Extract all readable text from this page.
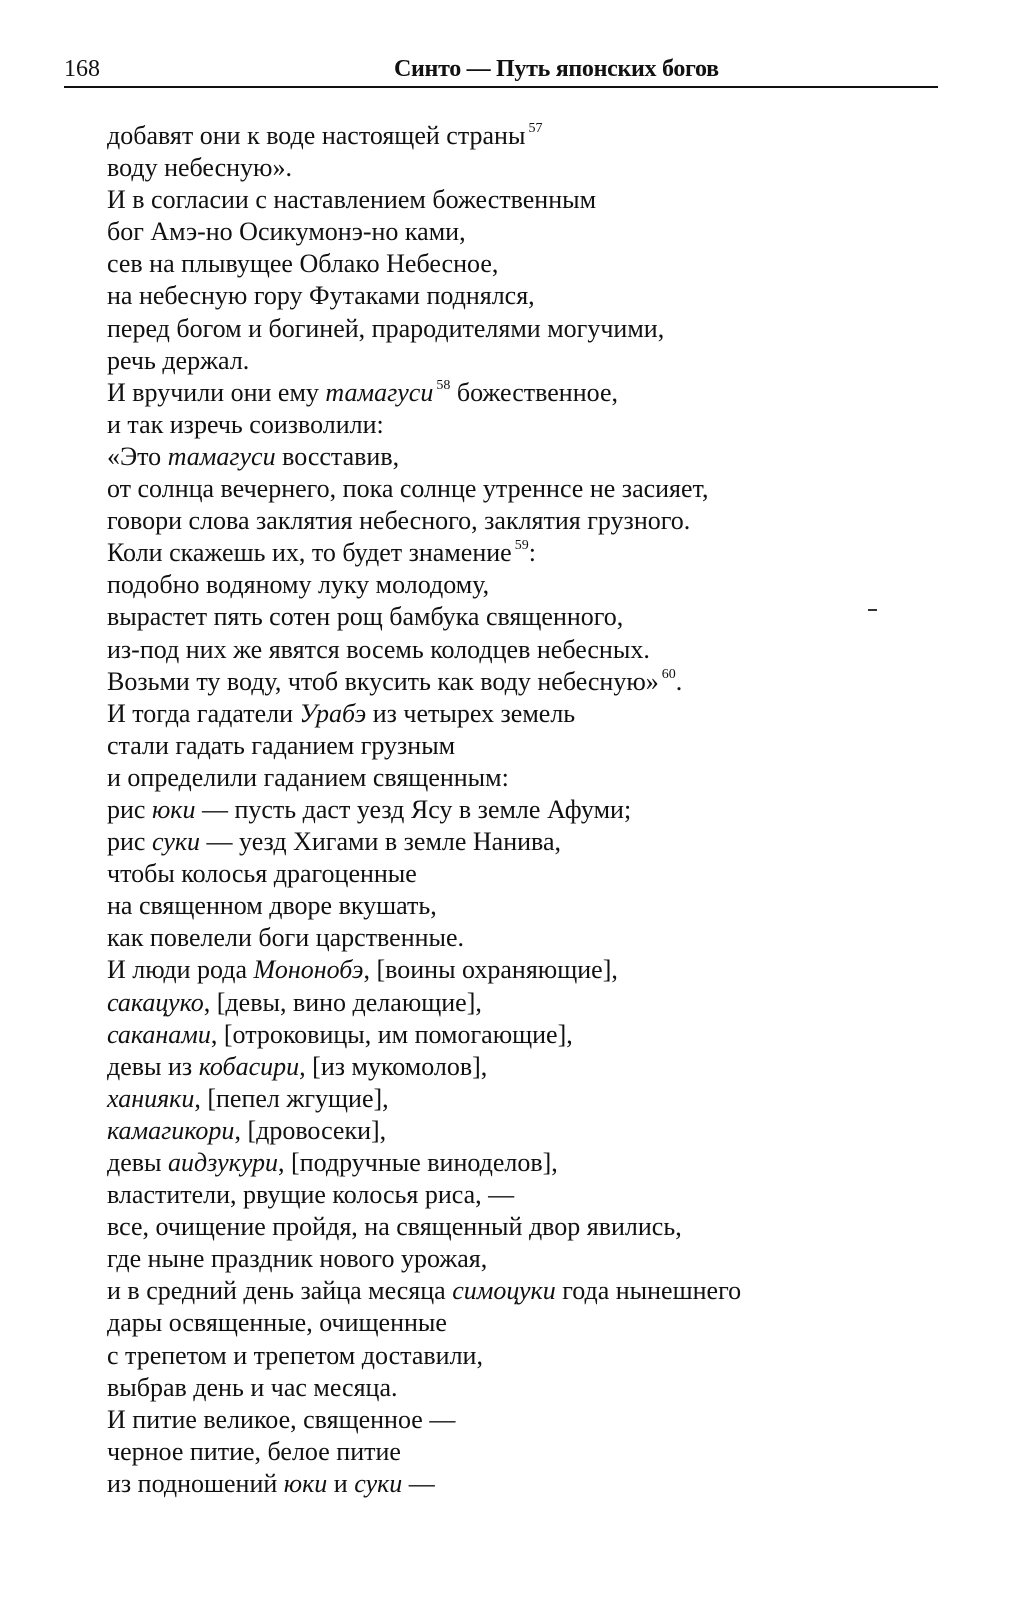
168	Синто — Путь японских богов
добавят они к воде настоящей страны $^{57}$
воду небесную».
И в согласии с наставлением божественным
бог Амэ-но Осикумонэ-но ками,
сев на плывущее Облако Небесное,
на небесную гору Футаками поднялся,
перед богом и богиней, прародителями могучими,
речь держал.
И вручили они ему тамагуси $^{58}$ божественное,
и так изречь соизволили:
«Это тамагуси восставив,
от солнца вечернего, пока солнце утреннсе не засияет,
говори слова заклятия небесного, заклятия грузного.
Коли скажешь их, то будет знамение $^{59}$:
подобно водяному луку молодому,
вырастет пять сотен рощ бамбука священного,
из-под них же явятся восемь колодцев небесных.
Возьми ту воду, чтоб вкусить как воду небесную» $^{60}$.
И тогда гадатели Урабэ из четырех земель
стали гадать гаданием грузным
и определили гаданием священным:
рис юки — пусть даст уезд Ясу в земле Афуми;
рис суки — уезд Хигами в земле Нанива,
чтобы колосья драгоценные
на священном дворе вкушать,
как повелели боги царственные.
И люди рода Мононобэ, [воины охраняющие],
сакацуко, [девы, вино делающие],
саканами, [отроковицы, им помогающие],
девы из кобасири, [из мукомолов],
ханияки, [пепел жгущие],
камагикори, [дровосеки],
девы аидзукури, [подручные виноделов],
властители, рвущие колосья риса, —
все, очищение пройдя, на священный двор явились,
где ныне праздник нового урожая,
и в средний день зайца месяца симоцуки года нынешнего
дары освященные, очищенные
с трепетом и трепетом доставили,
выбрав день и час месяца.
И питие великое, священное —
черное питие, белое питие
из подношений юки и суки —
